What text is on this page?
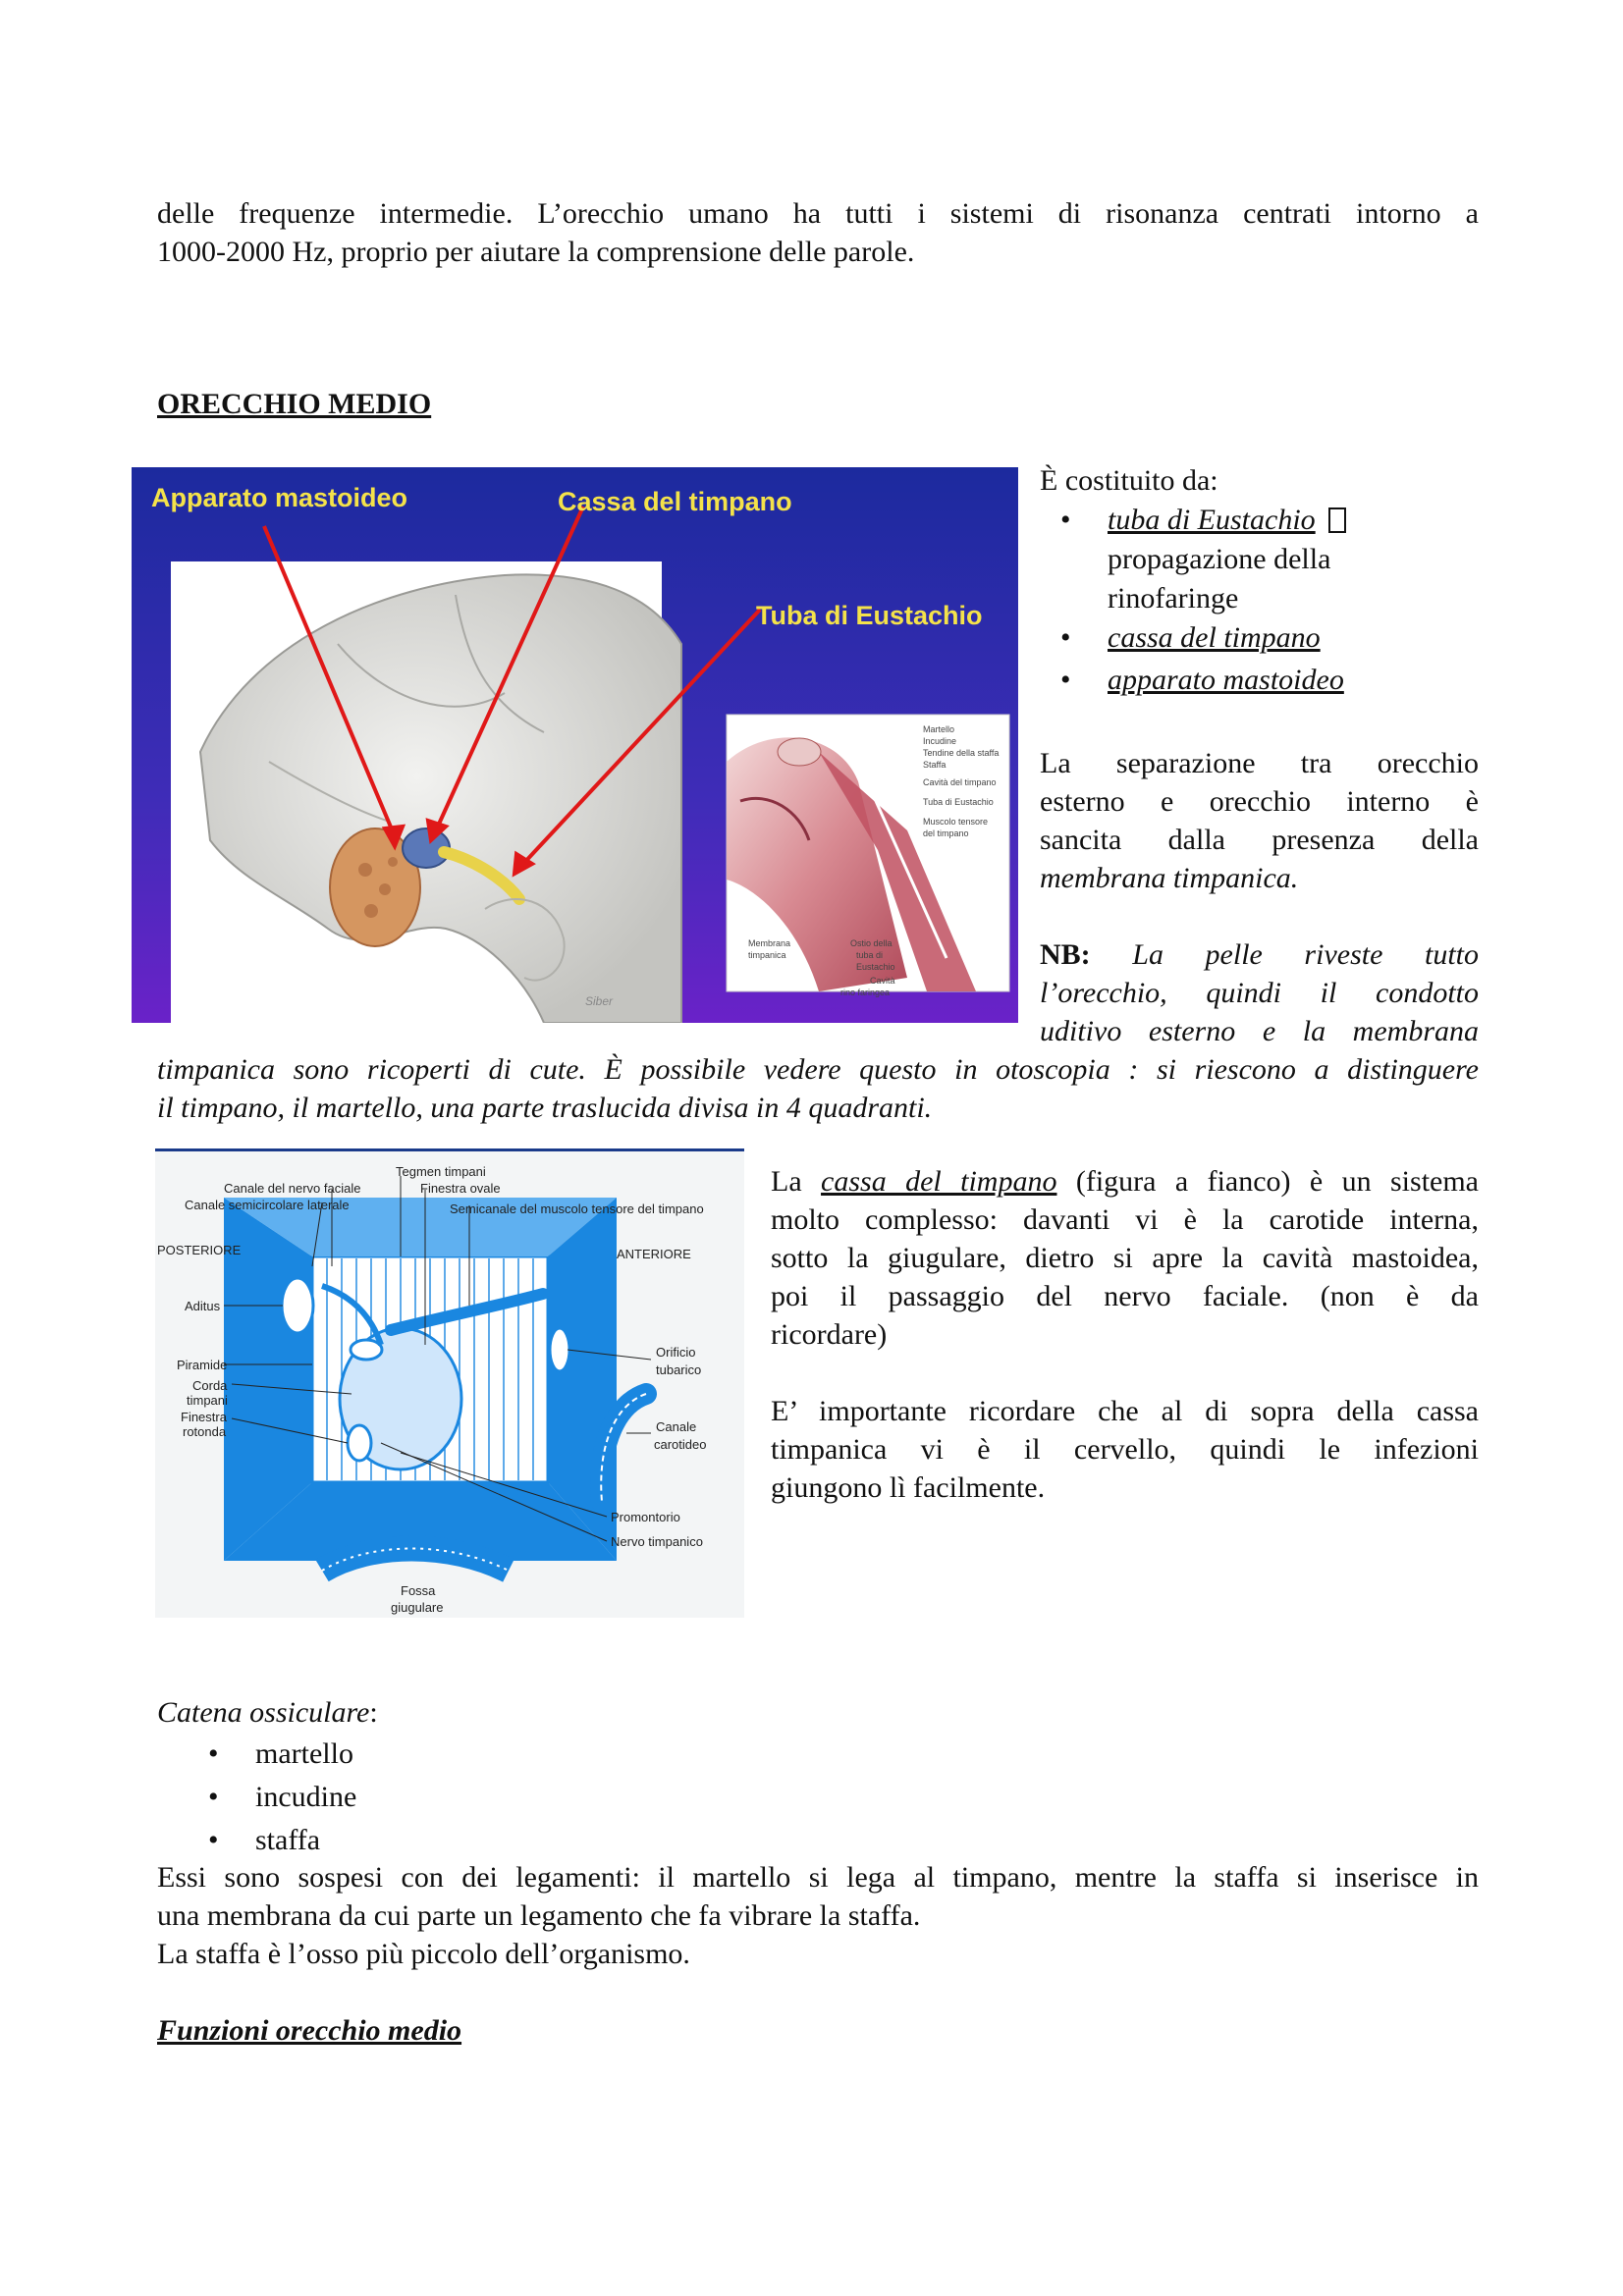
delle frequenze intermedie. L’orecchio umano ha tutti i sistemi di risonanza centrati intorno a
1000-2000 Hz, proprio per aiutare la comprensione delle parole.
ORECCHIO MEDIO
Siber
Martello
Incudine
Tendine della staffa
Staffa
Cavità del timpano
Tuba di Eustachio
Muscolo tensore
del timpano
Membrana
timpanica
Ostio della
tuba di
Eustachio
Cavità
rino faringea
Apparato mastoideo	Cassa del timpano
Tuba di Eustachio
È costituito da:
• tuba di Eustachio
propagazione della
rinofaringe
• cassa del timpano
• apparato mastoideo
La separazione tra orecchio
esterno e orecchio interno è
sancita dalla presenza della
membrana timpanica.
NB: La pelle riveste tutto
l’orecchio, quindi il condotto
uditivo esterno e la membrana
timpanica sono ricoperti di cute. È possibile vedere questo in otoscopia : si riescono a distinguere
il timpano, il martello, una parte traslucida divisa in 4 quadranti.
Canale del nervo faciale
Canale semicircolare laterale
Tegmen timpani
Finestra ovale
Semicanale del muscolo tensore del timpano
POSTERIORE	ANTERIORE
Aditus
Piramide
Corda
timpani
Finestra
rotonda
Orificio
tubarico
Canale
carotideo
Promontorio
Nervo timpanico
Fossa
giugulare
La cassa del timpano (figura a fianco) è un sistema
molto complesso: davanti vi è la carotide interna,
sotto la giugulare, dietro si apre la cavità mastoidea,
poi il passaggio del nervo faciale. (non è da
ricordare)
E’ importante ricordare che al di sopra della cassa
timpanica vi è il cervello, quindi le infezioni
giungono lì facilmente.
Catena ossiculare:
• martello
• incudine
• staffa
Essi sono sospesi con dei legamenti: il martello si lega al timpano, mentre la staffa si inserisce in
una membrana da cui parte un legamento che fa vibrare la staffa.
La staffa è l’osso più piccolo dell’organismo.
Funzioni orecchio medio
